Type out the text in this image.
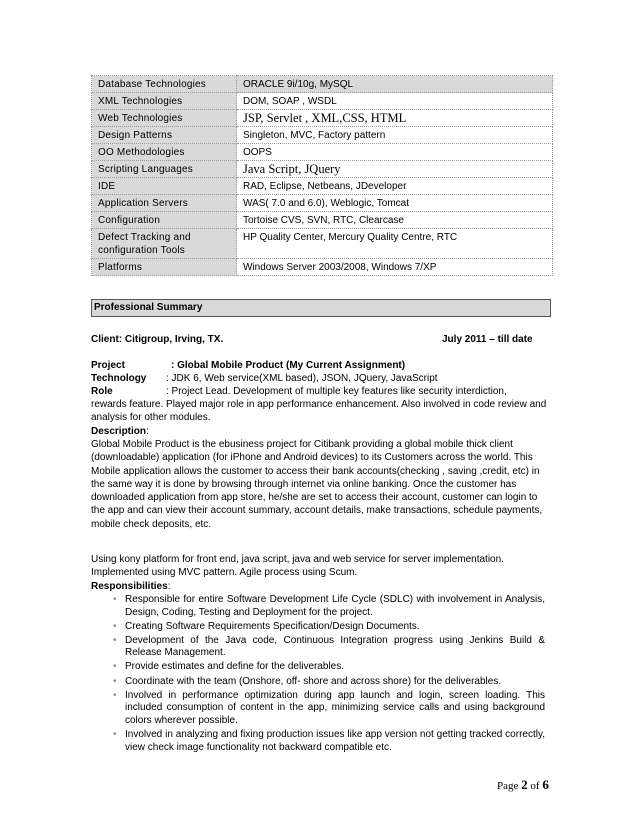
Database Technologies	ORACLE 9i/10g, MySQL
XML Technologies	DOM, SOAP , WSDL
Web Technologies	JSP, Servlet , XML,CSS, HTML
Design Patterns	Singleton, MVC, Factory pattern
OO Methodologies	OOPS
Scripting Languages	Java Script, JQuery
IDE	RAD, Eclipse, Netbeans, JDeveloper
Application Servers	WAS( 7.0 and 6.0), Weblogic, Tomcat
Configuration	Tortoise CVS, SVN, RTC, Clearcase
Defect Tracking and configuration Tools	HP Quality Center, Mercury Quality Centre, RTC
Platforms	Windows Server 2003/2008, Windows 7/XP
Professional Summary
Client: Citigroup, Irving, TX.	July 2011 – till date
Project	: Global Mobile Product (My Current Assignment)
Technology : JDK 6, Web service(XML based), JSON, JQuery, JavaScript
Role	: Project Lead. Development of multiple key features like security interdiction,
rewards feature. Played major role in app performance enhancement. Also involved in code review and analysis for other modules.
Description:
Global Mobile Product is the ebusiness project for Citibank providing a global mobile thick client (downloadable) application (for iPhone and Android devices) to its Customers across the world. This Mobile application allows the customer to access their bank accounts(checking , saving ,credit, etc) in the same way it is done by browsing through internet via online banking. Once the customer has downloaded application from app store, he/she are set to access their account, customer can login to the app and can view their account summary, account details, make transactions, schedule payments, mobile check deposits, etc.
Using kony platform for front end, java script, java and web service for server implementation. Implemented using MVC pattern. Agile process using Scum.
Responsibilities:
• Responsible for entire Software Development Life Cycle (SDLC) with involvement in Analysis, Design, Coding, Testing and Deployment for the project.
• Creating Software Requirements Specification/Design Documents.
• Development of the Java code, Continuous Integration progress using Jenkins Build & Release Management.
• Provide estimates and define for the deliverables.
• Coordinate with the team (Onshore, off- shore and across shore) for the deliverables.
• Involved in performance optimization during app launch and login, screen loading. This included consumption of content in the app, minimizing service calls and using background colors wherever possible.
• Involved in analyzing and fixing production issues like app version not getting tracked correctly, view check image functionality not backward compatible etc.
Page 2 of 6
